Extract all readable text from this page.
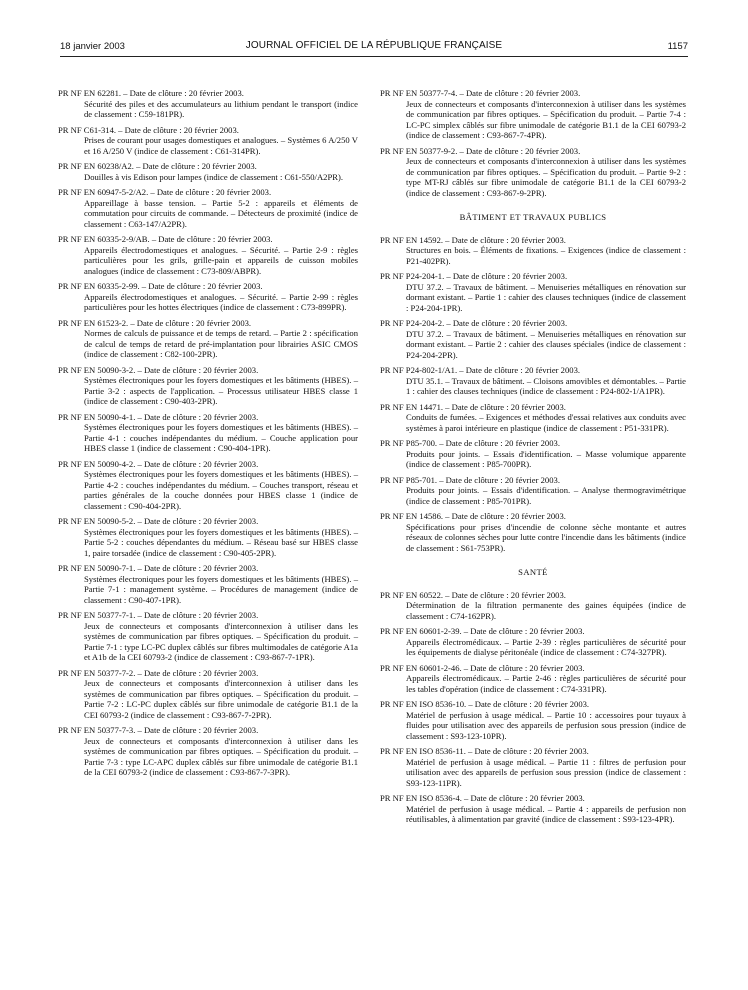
18 janvier 2003	JOURNAL OFFICIEL DE LA RÉPUBLIQUE FRANÇAISE	1157
PR NF EN 62281. – Date de clôture : 20 février 2003.
Sécurité des piles et des accumulateurs au lithium pendant le transport (indice de classement : C59-181PR).
PR NF C61-314. – Date de clôture : 20 février 2003.
Prises de courant pour usages domestiques et analogues. – Systèmes 6 A/250 V et 16 A/250 V (indice de classement : C61-314PR).
PR NF EN 60238/A2. – Date de clôture : 20 février 2003.
Douilles à vis Edison pour lampes (indice de classement : C61-550/A2PR).
PR NF EN 60947-5-2/A2. – Date de clôture : 20 février 2003.
Appareillage à basse tension. – Partie 5-2 : appareils et éléments de commutation pour circuits de commande. – Détecteurs de proximité (indice de classement : C63-147/A2PR).
PR NF EN 60335-2-9/AB. – Date de clôture : 20 février 2003.
Appareils électrodomestiques et analogues. – Sécurité. – Partie 2-9 : règles particulières pour les grils, grille-pain et appareils de cuisson mobiles analogues (indice de classement : C73-809/ABPR).
PR NF EN 60335-2-99. – Date de clôture : 20 février 2003.
Appareils électrodomestiques et analogues. – Sécurité. – Partie 2-99 : règles particulières pour les hottes électriques (indice de classement : C73-899PR).
PR NF EN 61523-2. – Date de clôture : 20 février 2003.
Normes de calculs de puissance et de temps de retard. – Partie 2 : spécification de calcul de temps de retard de pré-implantation pour librairies ASIC CMOS (indice de classement : C82-100-2PR).
PR NF EN 50090-3-2. – Date de clôture : 20 février 2003.
Systèmes électroniques pour les foyers domestiques et les bâtiments (HBES). – Partie 3-2 : aspects de l'application. – Processus utilisateur HBES classe 1 (indice de classement : C90-403-2PR).
PR NF EN 50090-4-1. – Date de clôture : 20 février 2003.
Systèmes électroniques pour les foyers domestiques et les bâtiments (HBES). – Partie 4-1 : couches indépendantes du médium. – Couche application pour HBES classe 1 (indice de classement : C90-404-1PR).
PR NF EN 50090-4-2. – Date de clôture : 20 février 2003.
Systèmes électroniques pour les foyers domestiques et les bâtiments (HBES). – Partie 4-2 : couches indépendantes du médium. – Couches transport, réseau et parties générales de la couche données pour HBES classe 1 (indice de classement : C90-404-2PR).
PR NF EN 50090-5-2. – Date de clôture : 20 février 2003.
Systèmes électroniques pour les foyers domestiques et les bâtiments (HBES). – Partie 5-2 : couches dépendantes du médium. – Réseau basé sur HBES classe 1, paire torsadée (indice de classement : C90-405-2PR).
PR NF EN 50090-7-1. – Date de clôture : 20 février 2003.
Systèmes électroniques pour les foyers domestiques et les bâtiments (HBES). – Partie 7-1 : management système. – Procédures de management (indice de classement : C90-407-1PR).
PR NF EN 50377-7-1. – Date de clôture : 20 février 2003.
Jeux de connecteurs et composants d'interconnexion à utiliser dans les systèmes de communication par fibres optiques. – Spécification du produit. – Partie 7-1 : type LC-PC duplex câblés sur fibres multimodales de catégorie A1a et A1b de la CEI 60793-2 (indice de classement : C93-867-7-1PR).
PR NF EN 50377-7-2. – Date de clôture : 20 février 2003.
Jeux de connecteurs et composants d'interconnexion à utiliser dans les systèmes de communication par fibres optiques. – Spécification du produit. – Partie 7-2 : LC-PC duplex câblés sur fibre unimodale de catégorie B1.1 de la CEI 60793-2 (indice de classement : C93-867-7-2PR).
PR NF EN 50377-7-3. – Date de clôture : 20 février 2003.
Jeux de connecteurs et composants d'interconnexion à utiliser dans les systèmes de communication par fibres optiques. – Spécification du produit. – Partie 7-3 : type LC-APC duplex câblés sur fibre unimodale de catégorie B1.1 de la CEI 60793-2 (indice de classement : C93-867-7-3PR).
PR NF EN 50377-7-4. – Date de clôture : 20 février 2003.
Jeux de connecteurs et composants d'interconnexion à utiliser dans les systèmes de communication par fibres optiques. – Spécification du produit. – Partie 7-4 : LC-PC simplex câblés sur fibre unimodale de catégorie B1.1 de la CEI 60793-2 (indice de classement : C93-867-7-4PR).
PR NF EN 50377-9-2. – Date de clôture : 20 février 2003.
Jeux de connecteurs et composants d'interconnexion à utiliser dans les systèmes de communication par fibres optiques. – Spécification du produit. – Partie 9-2 : type MT-RJ câblés sur fibre unimodale de catégorie B1.1 de la CEI 60793-2 (indice de classement : C93-867-9-2PR).
BÂTIMENT ET TRAVAUX PUBLICS
PR NF EN 14592. – Date de clôture : 20 février 2003.
Structures en bois. – Éléments de fixations. – Exigences (indice de classement : P21-402PR).
PR NF P24-204-1. – Date de clôture : 20 février 2003.
DTU 37.2. – Travaux de bâtiment. – Menuiseries métalliques en rénovation sur dormant existant. – Partie 1 : cahier des clauses techniques (indice de classement : P24-204-1PR).
PR NF P24-204-2. – Date de clôture : 20 février 2003.
DTU 37.2. – Travaux de bâtiment. – Menuiseries métalliques en rénovation sur dormant existant. – Partie 2 : cahier des clauses spéciales (indice de classement : P24-204-2PR).
PR NF P24-802-1/A1. – Date de clôture : 20 février 2003.
DTU 35.1. – Travaux de bâtiment. – Cloisons amovibles et démontables. – Partie 1 : cahier des clauses techniques (indice de classement : P24-802-1/A1PR).
PR NF EN 14471. – Date de clôture : 20 février 2003.
Conduits de fumées. – Exigences et méthodes d'essai relatives aux conduits avec systèmes à paroi intérieure en plastique (indice de classement : P51-331PR).
PR NF P85-700. – Date de clôture : 20 février 2003.
Produits pour joints. – Essais d'identification. – Masse volumique apparente (indice de classement : P85-700PR).
PR NF P85-701. – Date de clôture : 20 février 2003.
Produits pour joints. – Essais d'identification. – Analyse thermogravimétrique (indice de classement : P85-701PR).
PR NF EN 14586. – Date de clôture : 20 février 2003.
Spécifications pour prises d'incendie de colonne sèche montante et autres réseaux de colonnes sèches pour lutte contre l'incendie dans les bâtiments (indice de classement : S61-753PR).
SANTÉ
PR NF EN 60522. – Date de clôture : 20 février 2003.
Détermination de la filtration permanente des gaines équipées (indice de classement : C74-162PR).
PR NF EN 60601-2-39. – Date de clôture : 20 février 2003.
Appareils électromédicaux. – Partie 2-39 : règles particulières de sécurité pour les équipements de dialyse péritonéale (indice de classement : C74-327PR).
PR NF EN 60601-2-46. – Date de clôture : 20 février 2003.
Appareils électromédicaux. – Partie 2-46 : règles particulières de sécurité pour les tables d'opération (indice de classement : C74-331PR).
PR NF EN ISO 8536-10. – Date de clôture : 20 février 2003.
Matériel de perfusion à usage médical. – Partie 10 : accessoires pour tuyaux à fluides pour utilisation avec des appareils de perfusion sous pression (indice de classement : S93-123-10PR).
PR NF EN ISO 8536-11. – Date de clôture : 20 février 2003.
Matériel de perfusion à usage médical. – Partie 11 : filtres de perfusion pour utilisation avec des appareils de perfusion sous pression (indice de classement : S93-123-11PR).
PR NF EN ISO 8536-4. – Date de clôture : 20 février 2003.
Matériel de perfusion à usage médical. – Partie 4 : appareils de perfusion non réutilisables, à alimentation par gravité (indice de classement : S93-123-4PR).
